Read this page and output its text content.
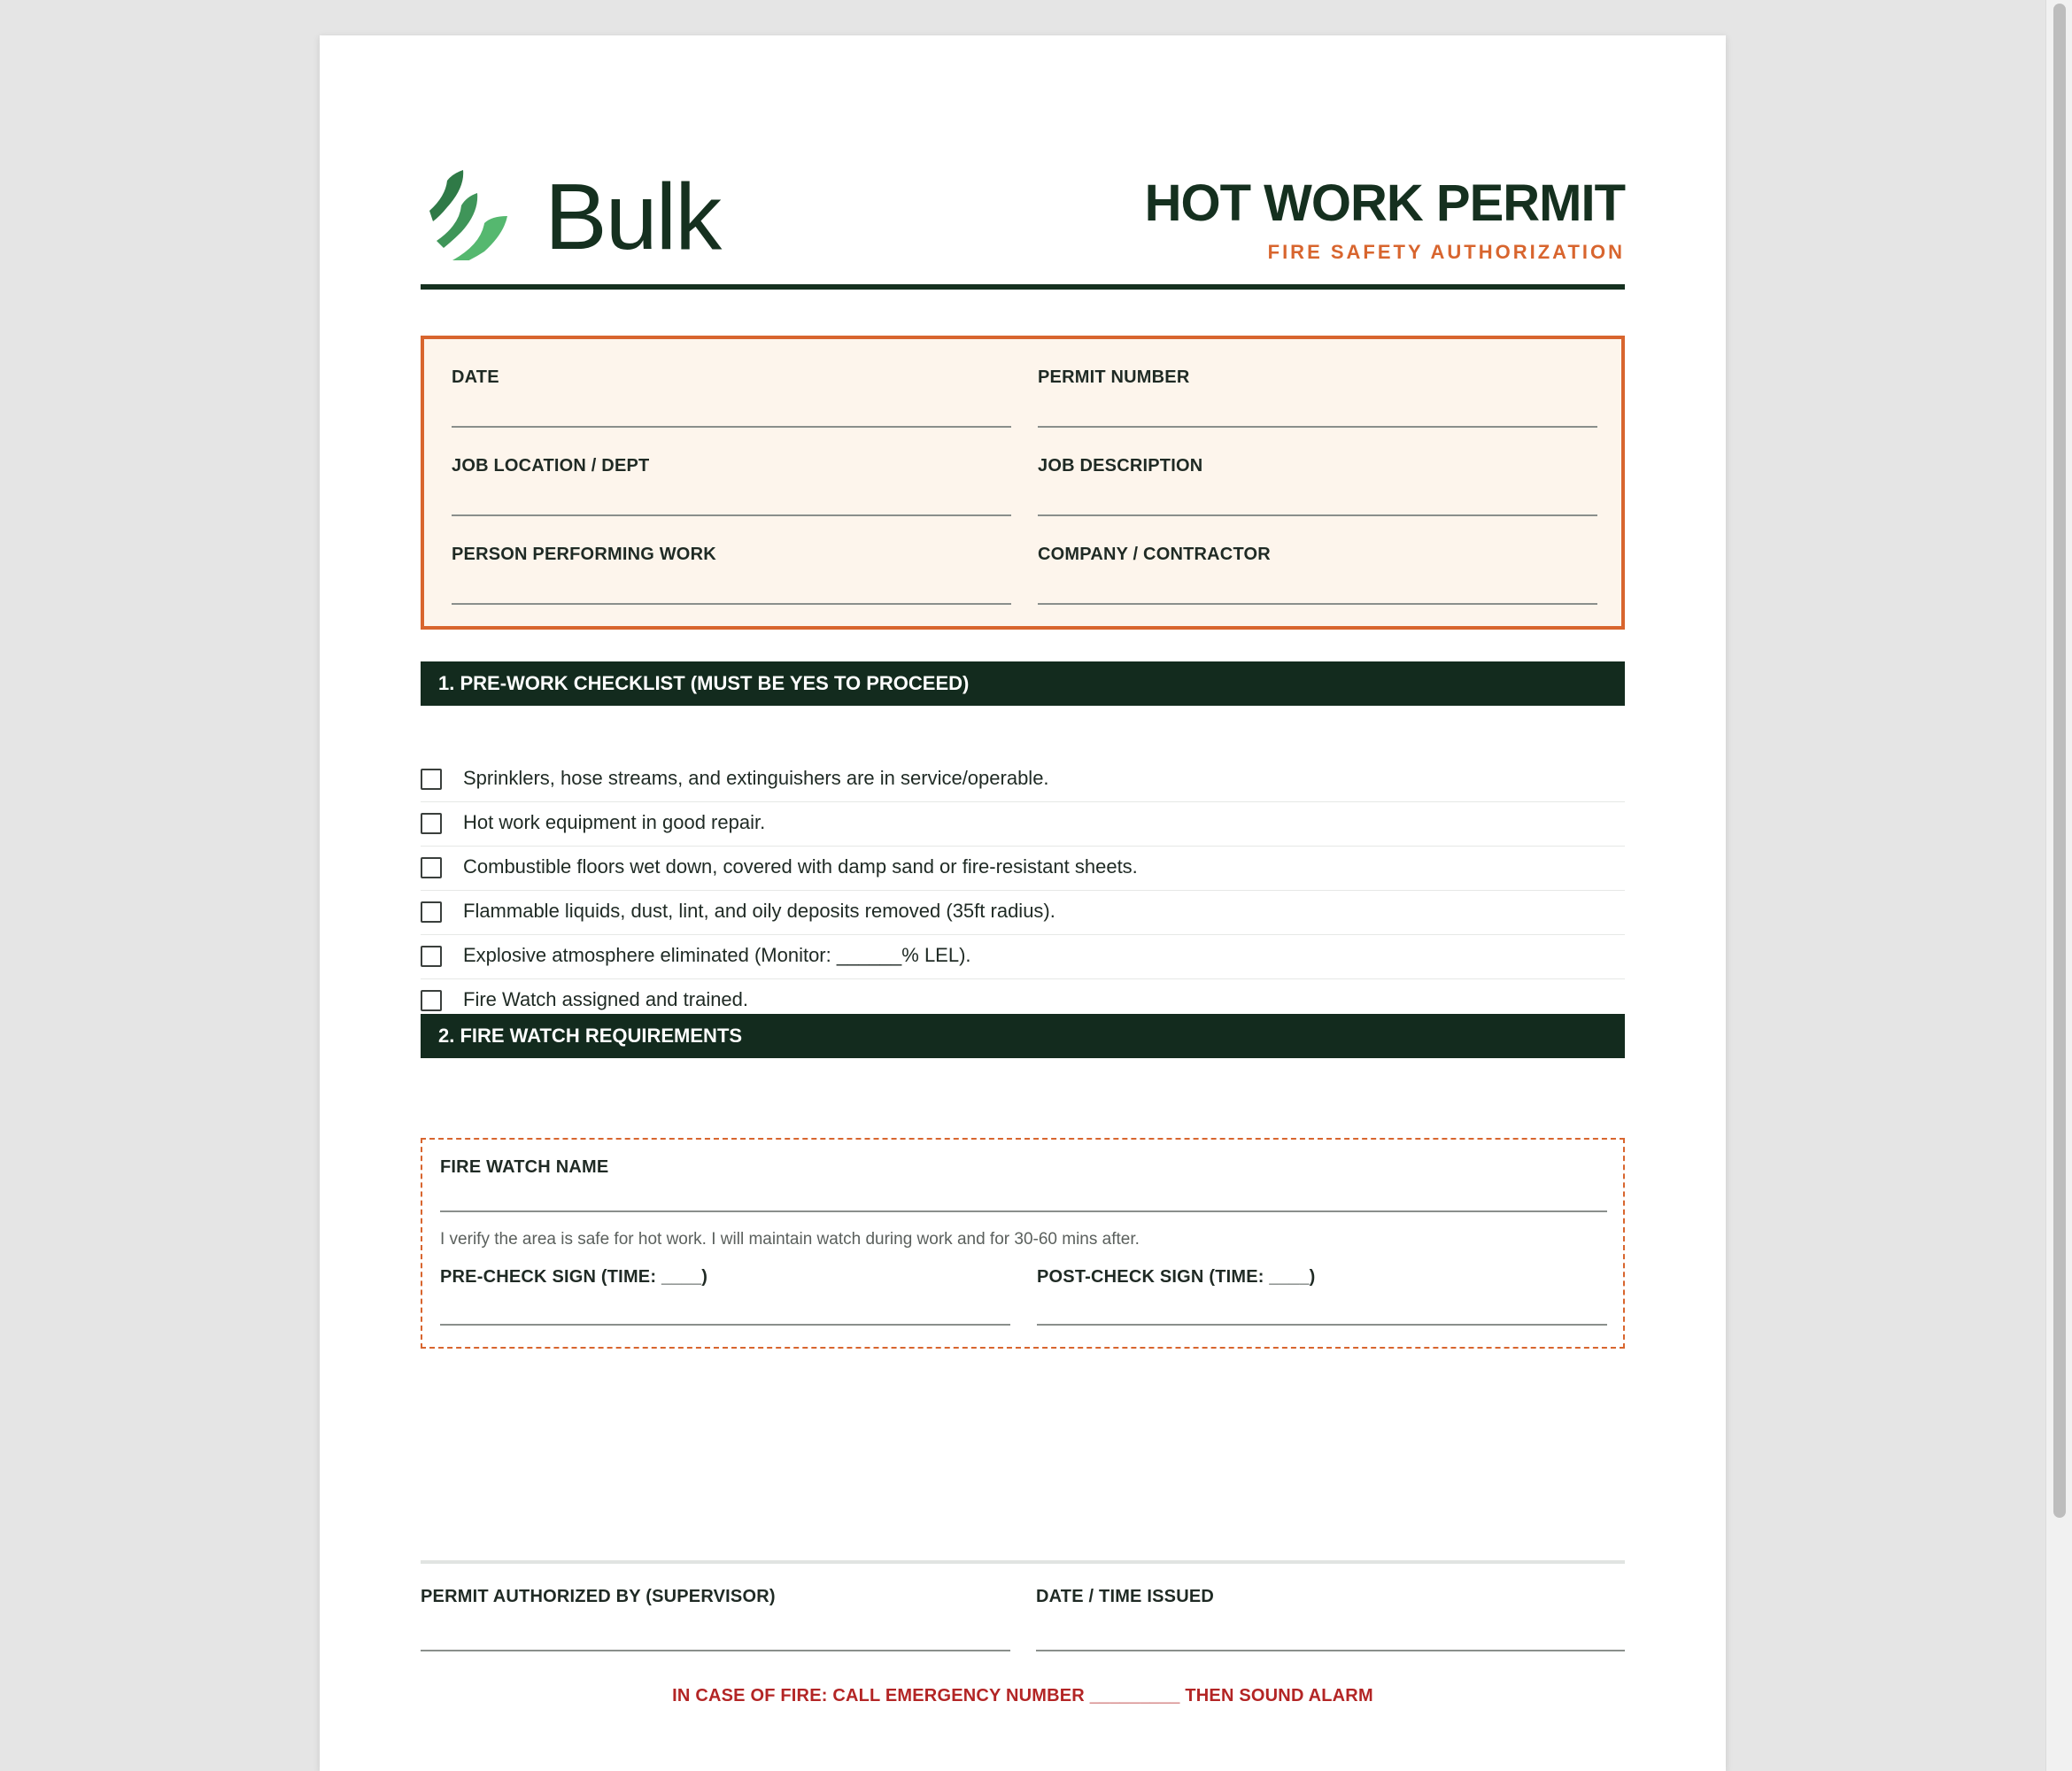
Bulk	HOT WORK PERMIT
FIRE SAFETY AUTHORIZATION
DATE	PERMIT NUMBER
JOB LOCATION / DEPT	JOB DESCRIPTION
PERSON PERFORMING WORK	COMPANY / CONTRACTOR
1. PRE-WORK CHECKLIST (MUST BE YES TO PROCEED)
Sprinklers, hose streams, and extinguishers are in service/operable.
Hot work equipment in good repair.
Combustible floors wet down, covered with damp sand or fire-resistant sheets.
Flammable liquids, dust, lint, and oily deposits removed (35ft radius).
Explosive atmosphere eliminated (Monitor: ______% LEL).
Fire Watch assigned and trained.
2. FIRE WATCH REQUIREMENTS
FIRE WATCH NAME
I verify the area is safe for hot work. I will maintain watch during work and for 30-60 mins after.
PRE-CHECK SIGN (TIME: ____)	POST-CHECK SIGN (TIME: ____)
PERMIT AUTHORIZED BY (SUPERVISOR)	DATE / TIME ISSUED
IN CASE OF FIRE: CALL EMERGENCY NUMBER _________ THEN SOUND ALARM
